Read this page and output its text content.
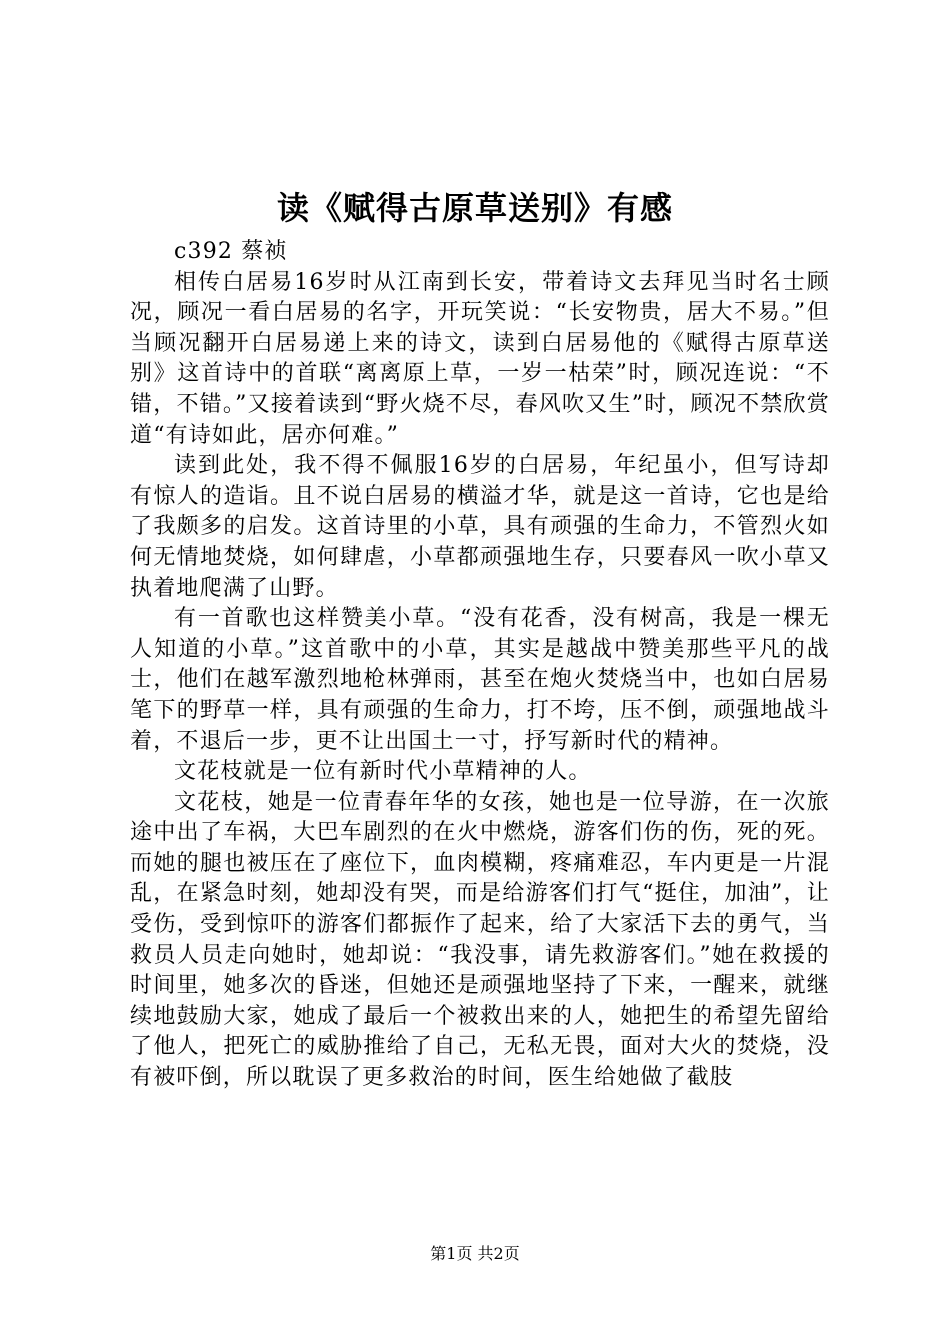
读《赋得古原草送别》有感

c392 蔡祯

相传白居易16岁时从江南到长安，带着诗文去拜见当时名士顾况，顾况一看白居易的名字，开玩笑说：“长安物贵，居大不易。”但当顾况翻开白居易递上来的诗文，读到白居易他的《赋得古原草送别》这首诗中的首联“离离原上草，一岁一枯荣”时，顾况连说：“不错，不错。”又接着读到“野火烧不尽，春风吹又生”时，顾况不禁欣赏道“有诗如此，居亦何难。”

读到此处，我不得不佩服16岁的白居易，年纪虽小，但写诗却有惊人的造诣。且不说白居易的横溢才华，就是这一首诗，它也是给了我颇多的启发。这首诗里的小草，具有顽强的生命力，不管烈火如何无情地焚烧，如何肆虐，小草都顽强地生存，只要春风一吹小草又执着地爬满了山野。

有一首歌也这样赞美小草。“没有花香，没有树高，我是一棵无人知道的小草。”这首歌中的小草，其实是越战中赞美那些平凡的战士，他们在越军激烈地枪林弹雨，甚至在炮火焚烧当中，也如白居易笔下的野草一样，具有顽强的生命力，打不垮，压不倒，顽强地战斗着，不退后一步，更不让出国土一寸，抒写新时代的精神。

文花枝就是一位有新时代小草精神的人。

文花枝，她是一位青春年华的女孩，她也是一位导游，在一次旅途中出了车祸，大巴车剧烈的在火中燃烧，游客们伤的伤，死的死。而她的腿也被压在了座位下，血肉模糊，疼痛难忍，车内更是一片混乱，在紧急时刻，她却没有哭，而是给游客们打气“挺住，加油”，让受伤，受到惊吓的游客们都振作了起来，给了大家活下去的勇气，当救员人员走向她时，她却说：“我没事，请先救游客们。”她在救援的时间里，她多次的昏迷，但她还是顽强地坚持了下来，一醒来，就继续地鼓励大家，她成了最后一个被救出来的人，她把生的希望先留给了他人，把死亡的威胁推给了自己，无私无畏，面对大火的焚烧，没有被吓倒，所以耽误了更多救治的时间，医生给她做了截肢

第1页 共2页
